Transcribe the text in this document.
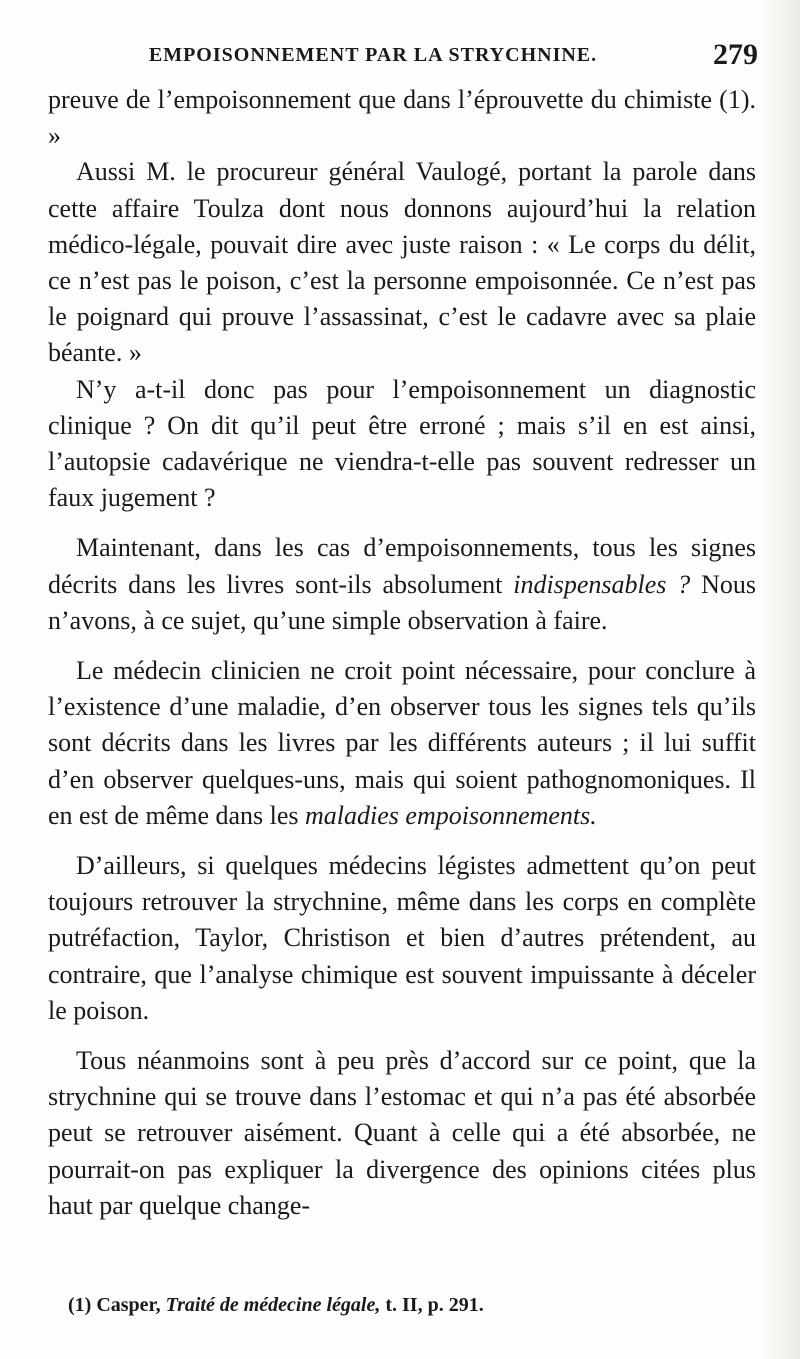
EMPOISONNEMENT PAR LA STRYCHNINE.	279

preuve de l’empoisonnement que dans l’éprouvette du chimiste (1). »

Aussi M. le procureur général Vaulogé, portant la parole dans cette affaire Toulza dont nous donnons aujourd’hui la relation médico-légale, pouvait dire avec juste raison : « Le corps du délit, ce n’est pas le poison, c’est la personne empoisonnée. Ce n’est pas le poignard qui prouve l’assassinat, c’est le cadavre avec sa plaie béante. »

N’y a-t-il donc pas pour l’empoisonnement un diagnostic clinique ? On dit qu’il peut être erroné ; mais s’il en est ainsi, l’autopsie cadavérique ne viendra-t-elle pas souvent redresser un faux jugement ?

Maintenant, dans les cas d’empoisonnements, tous les signes décrits dans les livres sont-ils absolument indispensables ? Nous n’avons, à ce sujet, qu’une simple observation à faire.

Le médecin clinicien ne croit point nécessaire, pour conclure à l’existence d’une maladie, d’en observer tous les signes tels qu’ils sont décrits dans les livres par les différents auteurs ; il lui suffit d’en observer quelques-uns, mais qui soient pathognomoniques. Il en est de même dans les maladies empoisonnements.

D’ailleurs, si quelques médecins légistes admettent qu’on peut toujours retrouver la strychnine, même dans les corps en complète putréfaction, Taylor, Christison et bien d’autres prétendent, au contraire, que l’analyse chimique est souvent impuissante à déceler le poison.

Tous néanmoins sont à peu près d’accord sur ce point, que la strychnine qui se trouve dans l’estomac et qui n’a pas été absorbée peut se retrouver aisément. Quant à celle qui a été absorbée, ne pourrait-on pas expliquer la divergence des opinions citées plus haut par quelque change-

(1) Casper, Traité de médecine légale, t. II, p. 291.
